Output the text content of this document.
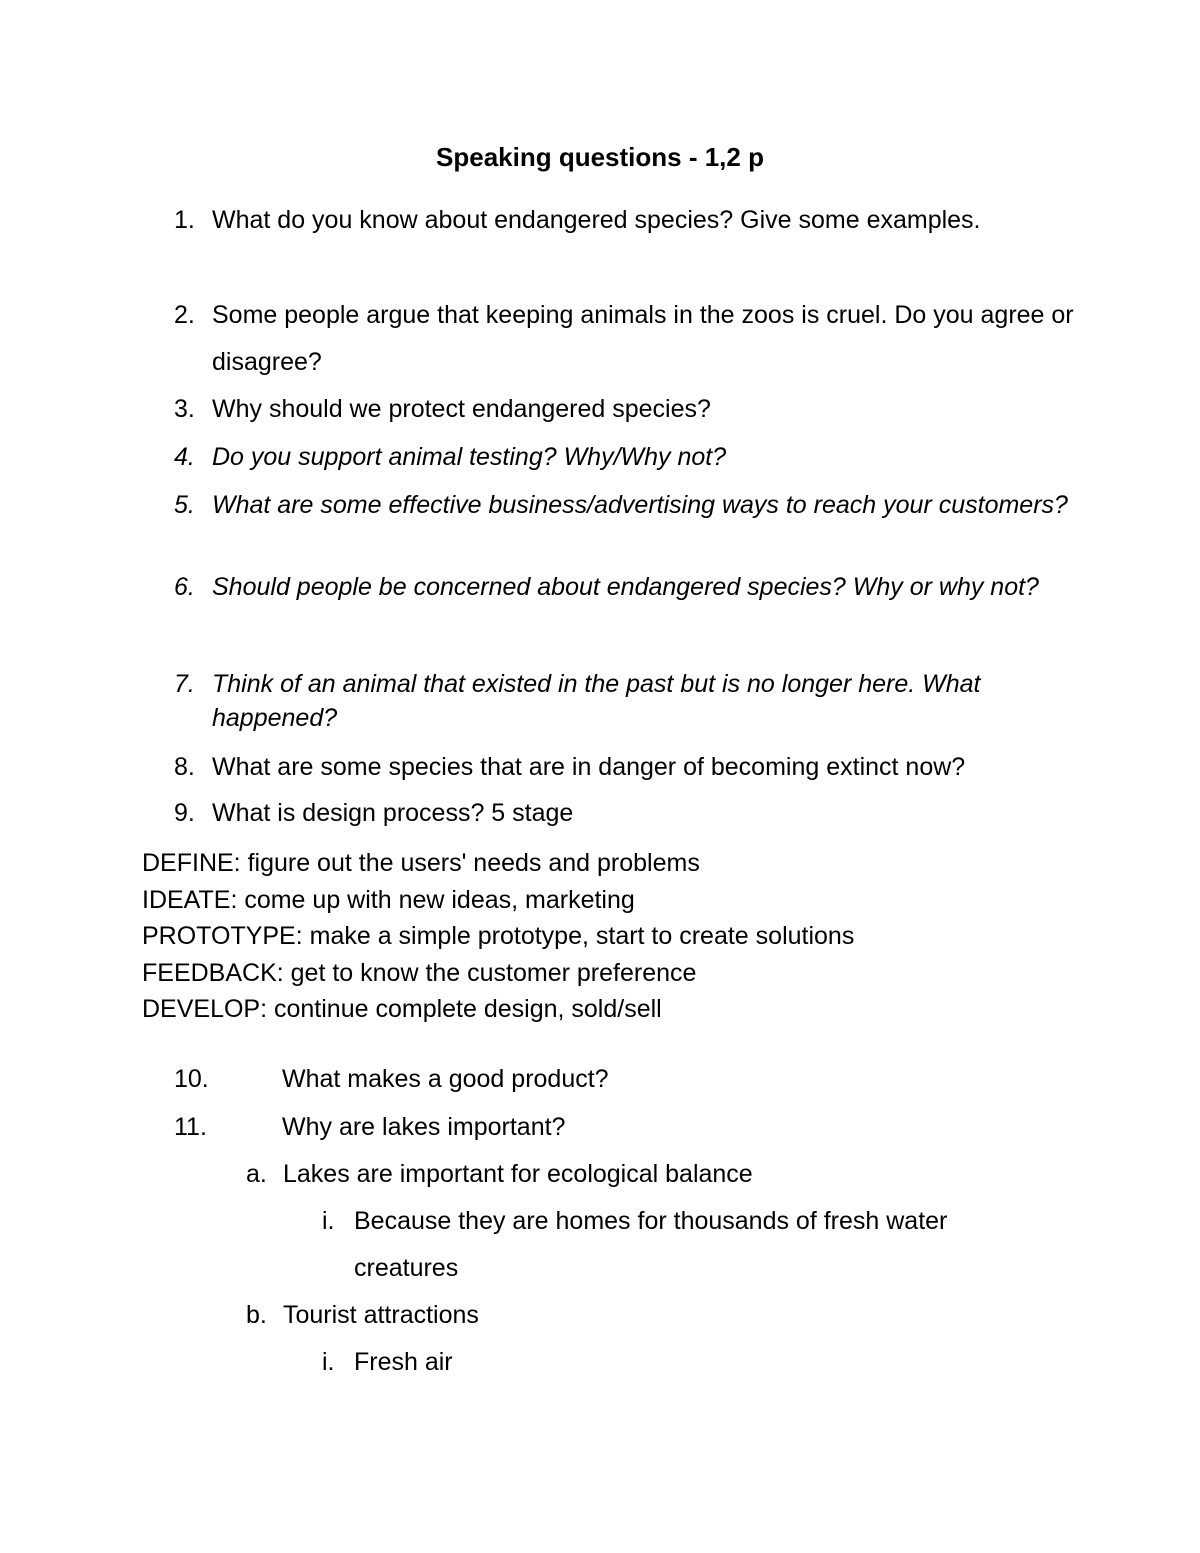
Speaking questions - 1,2 p
1. What do you know about endangered species? Give some examples.
2. Some people argue that keeping animals in the zoos is cruel. Do you agree or disagree?
3. Why should we protect endangered species?
4. Do you support animal testing? Why/Why not?
5. What are some effective business/advertising ways to reach your customers?
6. Should people be concerned about endangered species? Why or why not?
7. Think of an animal that existed in the past but is no longer here. What happened?
8. What are some species that are in danger of becoming extinct now?
9. What is design process? 5 stage
DEFINE: figure out the users' needs and problems
IDEATE: come up with new ideas, marketing
PROTOTYPE: make a simple prototype, start to create solutions
FEEDBACK: get to know the customer preference
DEVELOP: continue complete design, sold/sell
10.	What makes a good product?
11.	Why are lakes important?
a. Lakes are important for ecological balance
i. Because they are homes for thousands of fresh water creatures
b. Tourist attractions
i. Fresh air
